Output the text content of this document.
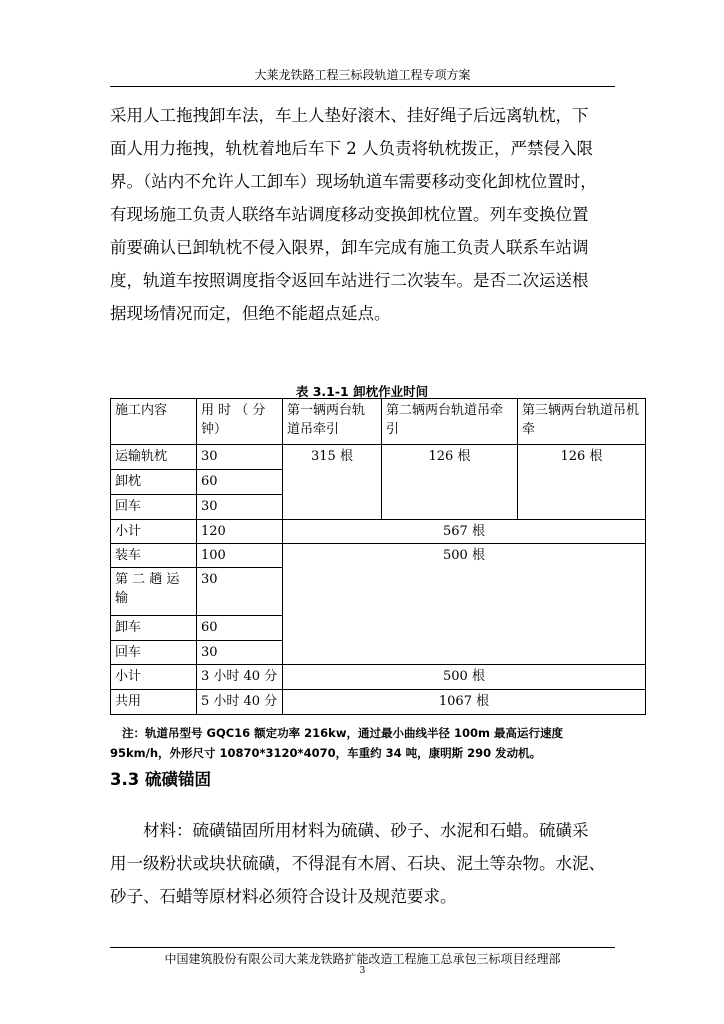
大莱龙铁路工程三标段轨道工程专项方案

采用人工拖拽卸车法，车上人垫好滚木、挂好绳子后远离轨枕，下

面人用力拖拽，轨枕着地后车下 2 人负责将轨枕拨正，严禁侵入限

界。（站内不允许人工卸车）现场轨道车需要移动变化卸枕位置时，

有现场施工负责人联络车站调度移动变换卸枕位置。列车变换位置

前要确认已卸轨枕不侵入限界，卸车完成有施工负责人联系车站调

度，轨道车按照调度指令返回车站进行二次装车。是否二次运送根

据现场情况而定，但绝不能超点延点。

表 3.1-1 卸枕作业时间
施工内容	用 时 （ 分钟）	第一辆两台轨道吊牵引	第二辆两台轨道吊牵引	第三辆两台轨道吊机牵
运输轨枕	30	315 根	126 根	126 根
卸枕	60			
回车	30			
小计	120	567 根		
装车	100	500 根		
第 二 趟 运输	30			
卸车	60			
回车	30			
小计	3 小时 40 分	500 根		
共用	5 小时 40 分	1067 根		

注：轨道吊型号 GQC16 额定功率 216kw，通过最小曲线半径 100m 最高运行速度

95km/h，外形尺寸 10870*3120*4070，车重约 34 吨，康明斯 290 发动机。

3.3 硫磺锚固

材料：硫磺锚固所用材料为硫磺、砂子、水泥和石蜡。硫磺采

用一级粉状或块状硫磺，不得混有木屑、石块、泥土等杂物。水泥、

砂子、石蜡等原材料必须符合设计及规范要求。

中国建筑股份有限公司大莱龙铁路扩能改造工程施工总承包三标项目经理部
3
